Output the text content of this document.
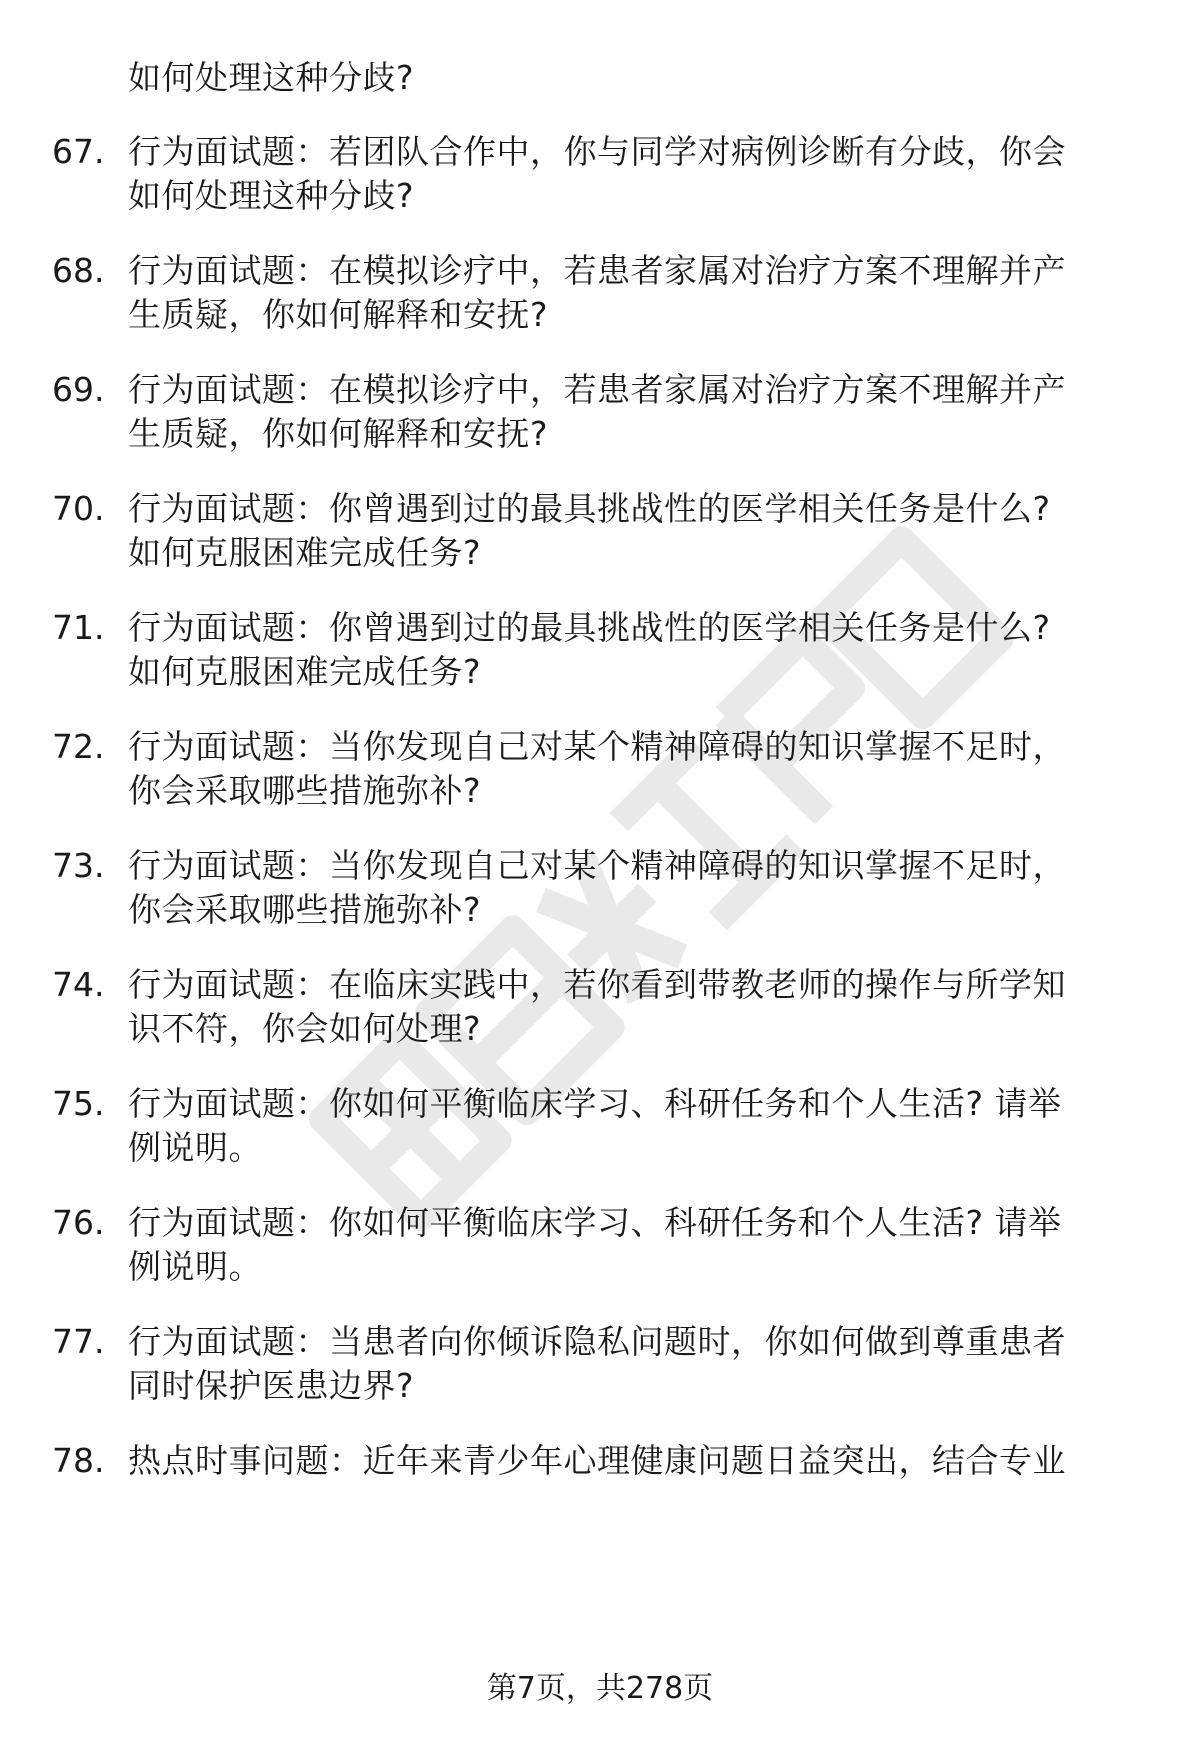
如何处理这种分歧?
67. 行为面试题：若团队合作中，你与同学对病例诊断有分歧，你会
如何处理这种分歧?
68. 行为面试题：在模拟诊疗中，若患者家属对治疗方案不理解并产
生质疑，你如何解释和安抚?
69. 行为面试题：在模拟诊疗中，若患者家属对治疗方案不理解并产
生质疑，你如何解释和安抚?
70. 行为面试题：你曾遇到过的最具挑战性的医学相关任务是什么?
如何克服困难完成任务?
71. 行为面试题：你曾遇到过的最具挑战性的医学相关任务是什么?
如何克服困难完成任务?
72. 行为面试题：当你发现自己对某个精神障碍的知识掌握不足时，
你会采取哪些措施弥补?
73. 行为面试题：当你发现自己对某个精神障碍的知识掌握不足时，
你会采取哪些措施弥补?
74. 行为面试题：在临床实践中，若你看到带教老师的操作与所学知
识不符，你会如何处理?
75. 行为面试题：你如何平衡临床学习、科研任务和个人生活? 请举
例说明。
76. 行为面试题：你如何平衡临床学习、科研任务和个人生活? 请举
例说明。
77. 行为面试题：当患者向你倾诉隐私问题时，你如何做到尊重患者
同时保护医患边界?
78. 热点时事问题：近年来青少年心理健康问题日益突出，结合专业
第7页，共278页
